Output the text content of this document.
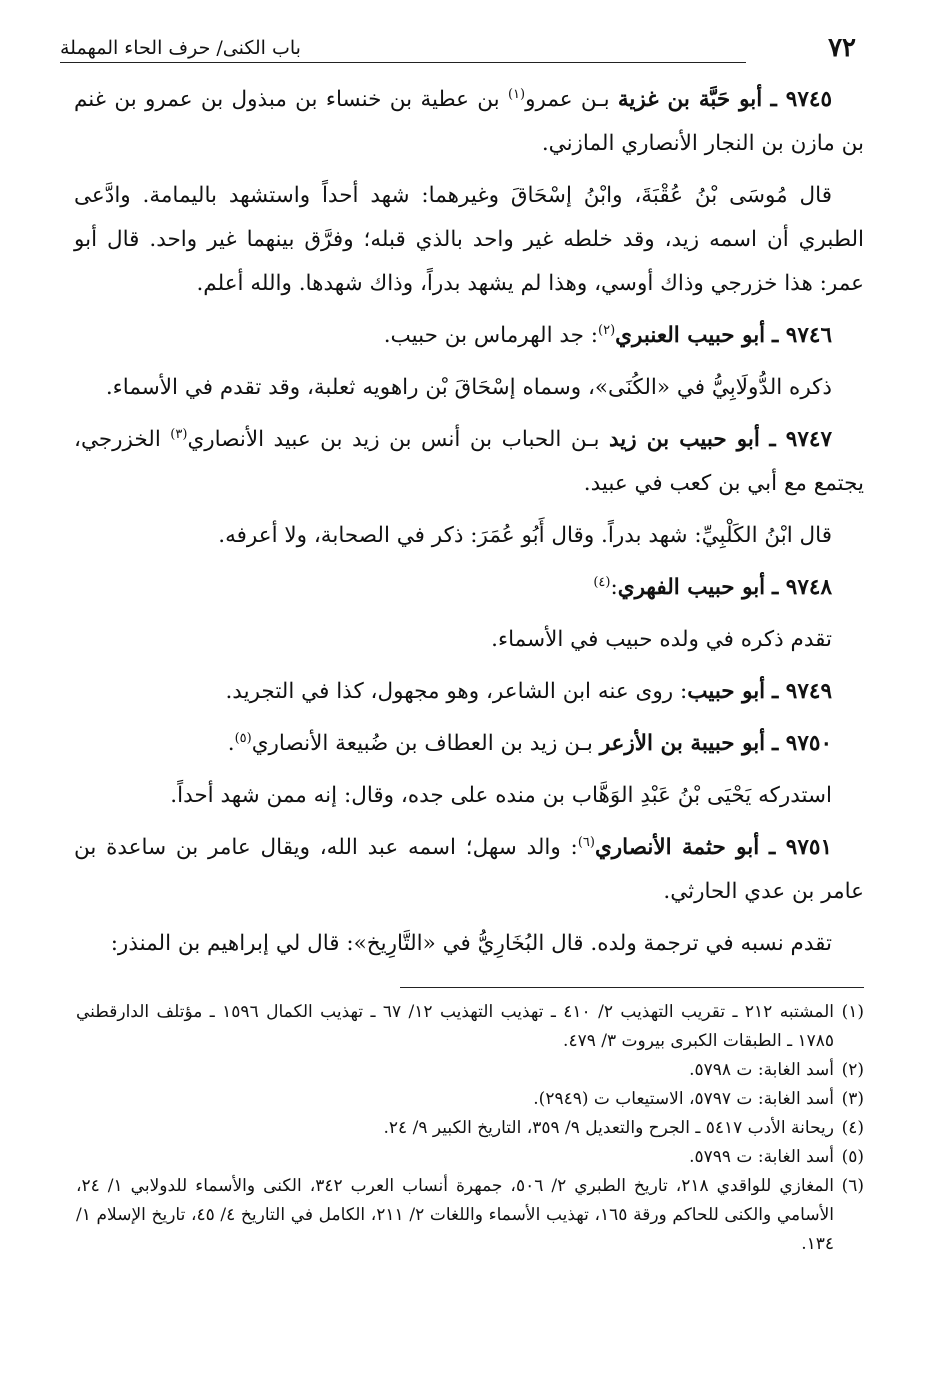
٧٢
باب الكنى/ حرف الحاء المهملة

٩٧٤٥ ـ أبو حَبَّة بن غزية بـن عمرو$^{(١)}$ بن عطية بن خنساء بن مبذول بن عمرو بن غنم بن مازن بن النجار الأنصاري المازني.

قال مُوسَى بْنُ عُقْبَةَ، وابْنُ إسْحَاقَ وغيرهما: شهد أحداً واستشهد باليمامة. وادَّعى الطبري أن اسمه زيد، وقد خلطه غير واحد بالذي قبله؛ وفرَّق بينهما غير واحد. قال أبو عمر: هذا خزرجي وذاك أوسي، وهذا لم يشهد بدراً، وذاك شهدها. والله أعلم.

٩٧٤٦ ـ أبو حبيب العنبري$^{(٢)}$: جد الهرماس بن حبيب.

ذكره الدُّولَابِيُّ في «الكُنَى»، وسماه إسْحَاقَ بْن راهويه ثعلبة، وقد تقدم في الأسماء.

٩٧٤٧ ـ أبو حبيب بن زيد بـن الحباب بن أنس بن زيد بن عبيد الأنصاري$^{(٣)}$ الخزرجي، يجتمع مع أبي بن كعب في عبيد.

قال ابْنُ الكَلْبِيِّ: شهد بدراً. وقال أَبُو عُمَرَ: ذكر في الصحابة، ولا أعرفه.

٩٧٤٨ ـ أبو حبيب الفهري:$^{(٤)}$

تقدم ذكره في ولده حبيب في الأسماء.

٩٧٤٩ ـ أبو حبيب: روى عنه ابن الشاعر، وهو مجهول، كذا في التجريد.

٩٧٥٠ ـ أبو حبيبة بن الأزعر بـن زيد بن العطاف بن ضُبيعة الأنصاري$^{(٥)}$.

استدركه يَحْيَى بْنُ عَبْدِ الوَهَّاب بن منده على جده، وقال: إنه ممن شهد أحداً.

٩٧٥١ ـ أبو حثمة الأنصاري$^{(٦)}$: والد سهل؛ اسمه عبد الله، ويقال عامر بن ساعدة بن عامر بن عدي الحارثي.

تقدم نسبه في ترجمة ولده. قال البُخَارِيُّ في «التَّارِيخ»: قال لي إبراهيم بن المنذر:

(١)
المشتبه ٢١٢ ـ تقريب التهذيب ٢/ ٤١٠ ـ تهذيب التهذيب ١٢/ ٦٧ ـ تهذيب الكمال ١٥٩٦ ـ مؤتلف الدارقطني ١٧٨٥ ـ الطبقات الكبرى بيروت ٣/ ٤٧٩.
(٢)
أسد الغابة: ت ٥٧٩٨.
(٣)
أسد الغابة: ت ٥٧٩٧، الاستيعاب ت (٢٩٤٩).
(٤)
ريحانة الأدب ٥٤١٧ ـ الجرح والتعديل ٩/ ٣٥٩، التاريخ الكبير ٩/ ٢٤.
(٥)
أسد الغابة: ت ٥٧٩٩.
(٦)
المغازي للواقدي ٢١٨، تاريخ الطبري ٢/ ٥٠٦، جمهرة أنساب العرب ٣٤٢، الكنى والأسماء للدولابي ١/ ٢٤، الأسامي والكنى للحاكم ورقة ١٦٥، تهذيب الأسماء واللغات ٢/ ٢١١، الكامل في التاريخ ٤/ ٤٥، تاريخ الإسلام ١/ ١٣٤.
